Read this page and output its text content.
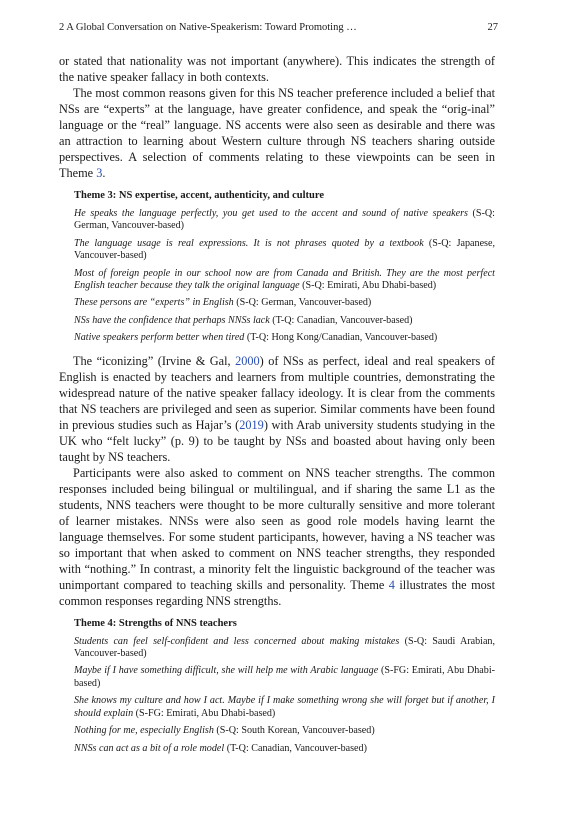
2 A Global Conversation on Native-Speakerism: Toward Promoting …	27

or stated that nationality was not important (anywhere). This indicates the strength of the native speaker fallacy in both contexts.

The most common reasons given for this NS teacher preference included a belief that NSs are “experts” at the language, have greater confidence, and speak the “orig-inal” language or the “real” language. NS accents were also seen as desirable and there was an attraction to learning about Western culture through NS teachers sharing outside perspectives. A selection of comments relating to these viewpoints can be seen in Theme 3.

Theme 3: NS expertise, accent, authenticity, and culture
He speaks the language perfectly, you get used to the accent and sound of native speakers (S-Q: German, Vancouver-based)
The language usage is real expressions. It is not phrases quoted by a textbook (S-Q: Japanese, Vancouver-based)
Most of foreign people in our school now are from Canada and British. They are the most perfect English teacher because they talk the original language (S-Q: Emirati, Abu Dhabi-based)
These persons are “experts” in English (S-Q: German, Vancouver-based)
NSs have the confidence that perhaps NNSs lack (T-Q: Canadian, Vancouver-based)
Native speakers perform better when tired (T-Q: Hong Kong/Canadian, Vancouver-based)

The “iconizing” (Irvine & Gal, 2000) of NSs as perfect, ideal and real speakers of English is enacted by teachers and learners from multiple countries, demonstrating the widespread nature of the native speaker fallacy ideology. It is clear from the comments that NS teachers are privileged and seen as superior. Similar comments have been found in previous studies such as Hajar’s (2019) with Arab university students studying in the UK who “felt lucky” (p. 9) to be taught by NSs and boasted about having only been taught by NS teachers.

Participants were also asked to comment on NNS teacher strengths. The common responses included being bilingual or multilingual, and if sharing the same L1 as the students, NNS teachers were thought to be more culturally sensitive and more tolerant of learner mistakes. NNSs were also seen as good role models having learnt the language themselves. For some student participants, however, having a NS teacher was so important that when asked to comment on NNS teacher strengths, they responded with “nothing.” In contrast, a minority felt the linguistic background of the teacher was unimportant compared to teaching skills and personality. Theme 4 illustrates the most common responses regarding NNS strengths.

Theme 4: Strengths of NNS teachers
Students can feel self-confident and less concerned about making mistakes (S-Q: Saudi Arabian, Vancouver-based)
Maybe if I have something difficult, she will help me with Arabic language (S-FG: Emirati, Abu Dhabi-based)
She knows my culture and how I act. Maybe if I make something wrong she will forget but if another, I should explain (S-FG: Emirati, Abu Dhabi-based)
Nothing for me, especially English (S-Q: South Korean, Vancouver-based)
NNSs can act as a bit of a role model (T-Q: Canadian, Vancouver-based)
